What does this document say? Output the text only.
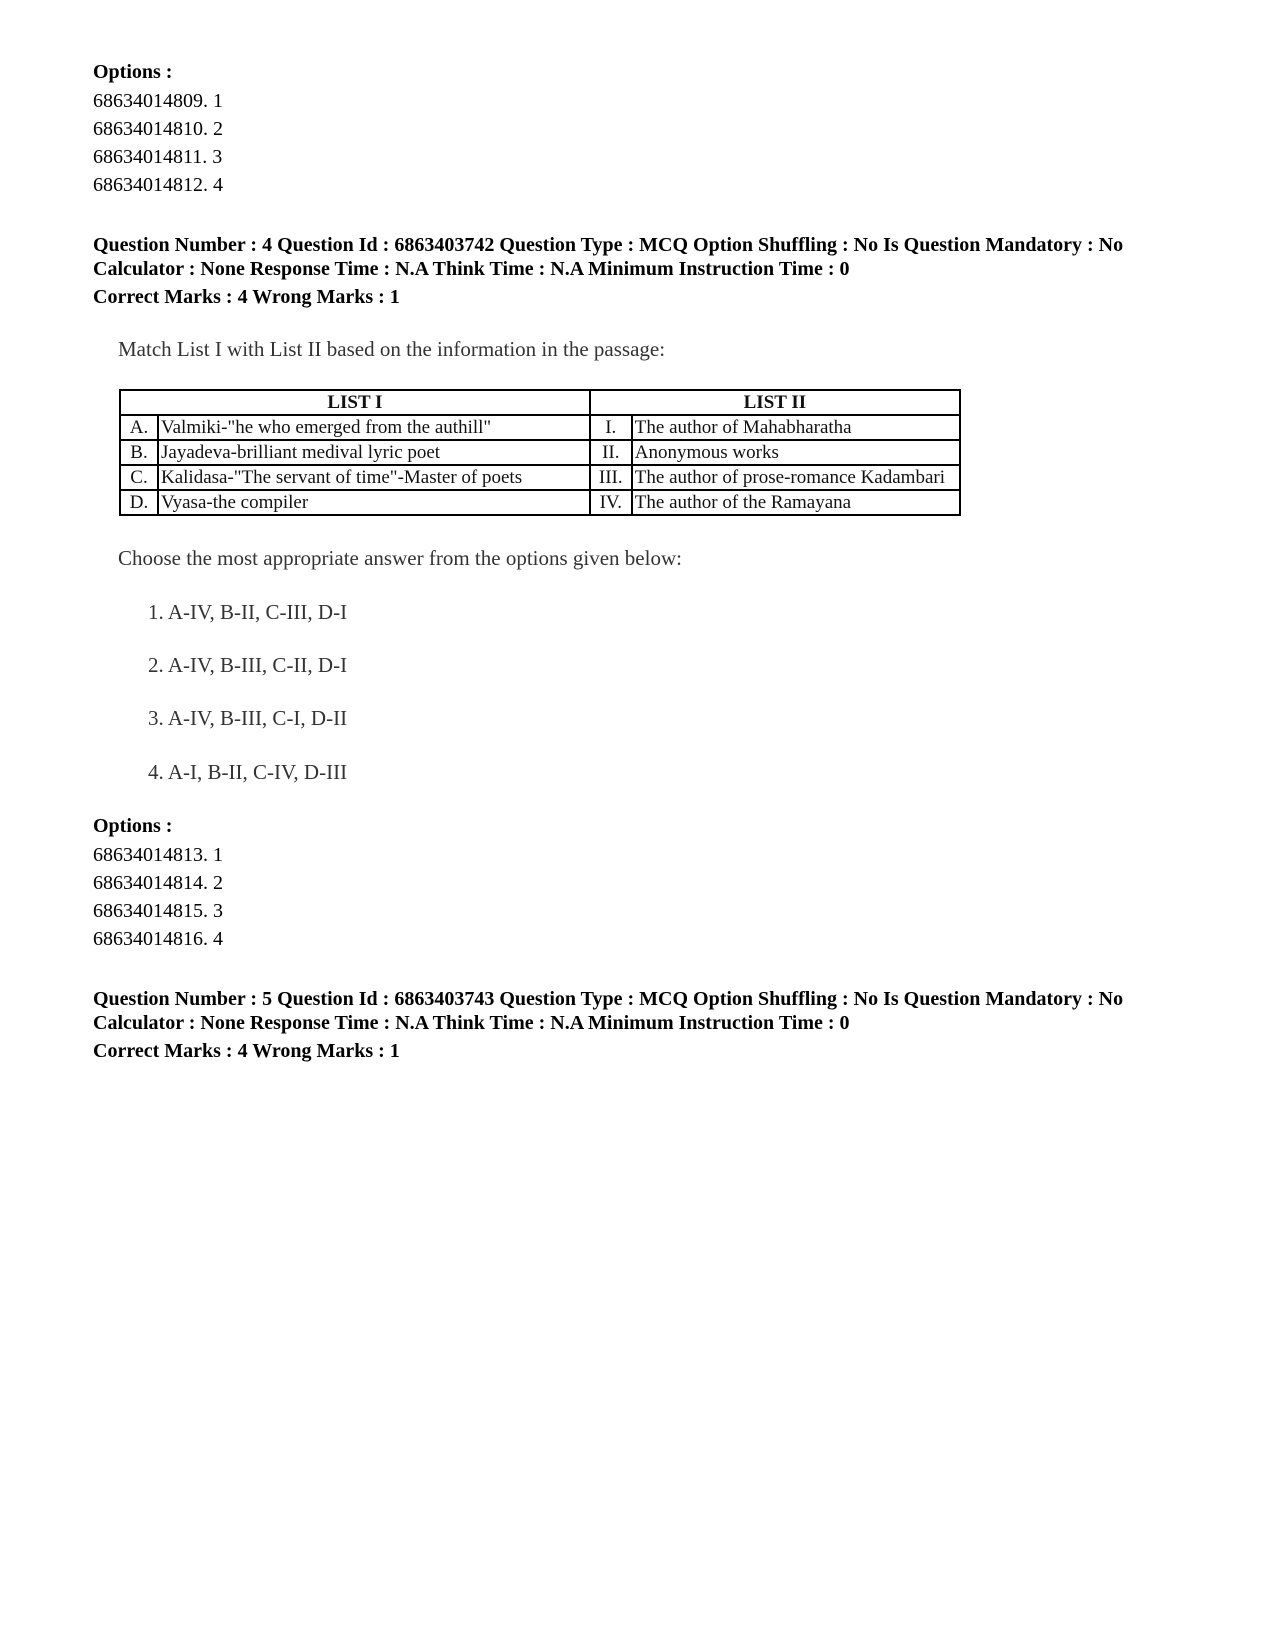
Options :
68634014809. 1
68634014810. 2
68634014811. 3
68634014812. 4
Question Number : 4 Question Id : 6863403742 Question Type : MCQ Option Shuffling : No Is Question Mandatory : No
Calculator : None Response Time : N.A Think Time : N.A Minimum Instruction Time : 0
Correct Marks : 4 Wrong Marks : 1
Match List I with List II based on the information in the passage:
LIST I		LIST II	
A.	Valmiki-"he who emerged from the authill"	I.	The author of Mahabharatha
B.	Jayadeva-brilliant medival lyric poet	II.	Anonymous works
C.	Kalidasa-"The servant of time"-Master of poets	III.	The author of prose-romance Kadambari
D.	Vyasa-the compiler	IV.	The author of the Ramayana
Choose the most appropriate answer from the options given below:
1. A-IV, B-II, C-III, D-I
2. A-IV, B-III, C-II, D-I
3. A-IV, B-III, C-I, D-II
4. A-I, B-II, C-IV, D-III
Options :
68634014813. 1
68634014814. 2
68634014815. 3
68634014816. 4
Question Number : 5 Question Id : 6863403743 Question Type : MCQ Option Shuffling : No Is Question Mandatory : No
Calculator : None Response Time : N.A Think Time : N.A Minimum Instruction Time : 0
Correct Marks : 4 Wrong Marks : 1
